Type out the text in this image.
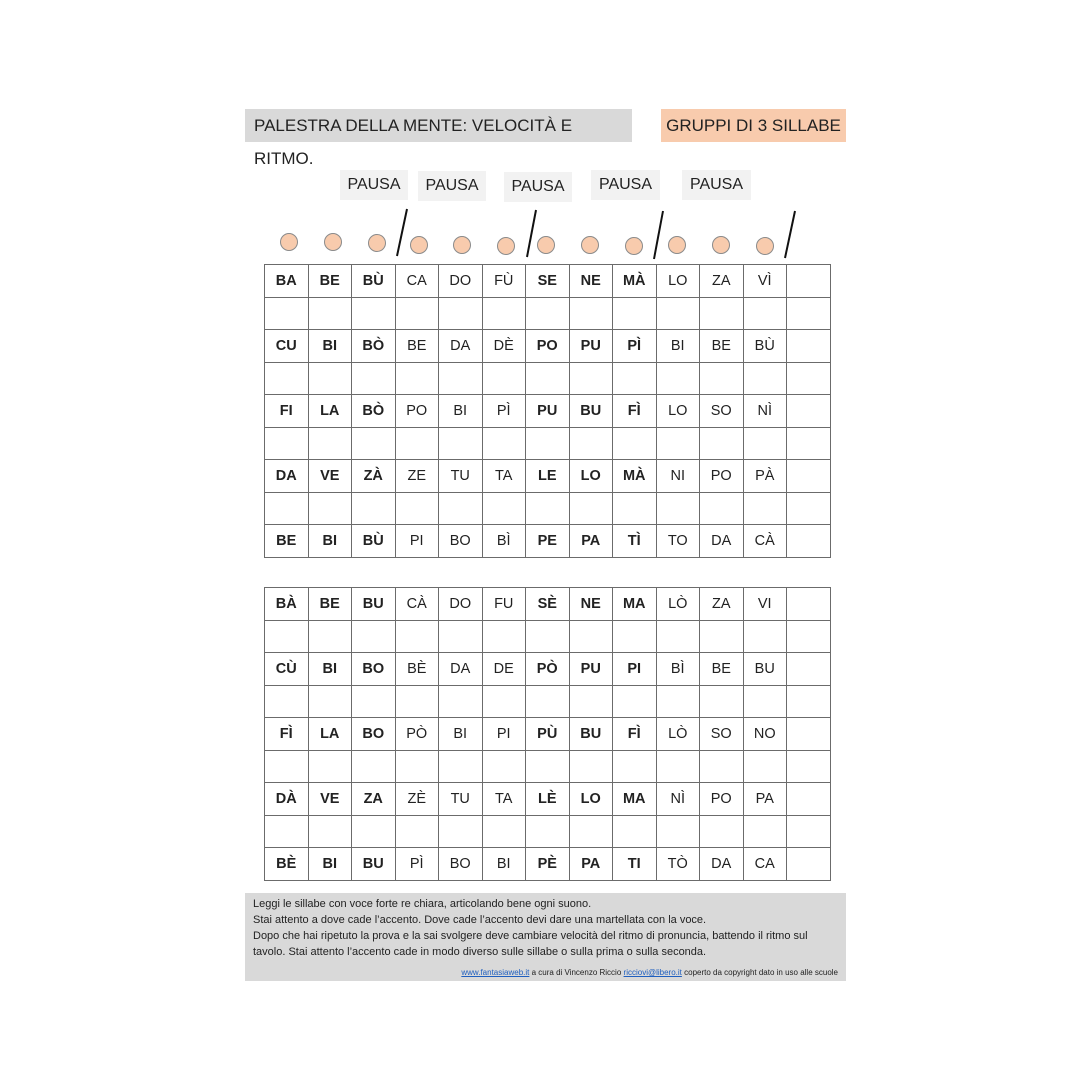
PALESTRA DELLA MENTE: VELOCITÀ E RITMO.
GRUPPI DI 3 SILLABE
PAUSA	PAUSA	PAUSA	PAUSA	PAUSA
BA	BE	BÙ	CA	DO	FÙ	SE	NE	MÀ	LO	ZA	VÌ	

CU	BI	BÒ	BE	DA	DÈ	PO	PU	PÌ	BI	BE	BÙ	

FI	LA	BÒ	PO	BI	PÌ	PU	BU	FÌ	LO	SO	NÌ	

DA	VE	ZÀ	ZE	TU	TA	LE	LO	MÀ	NI	PO	PÀ	

BE	BI	BÙ	PI	BO	BÌ	PE	PA	TÌ	TO	DA	CÀ	
BÀ	BE	BU	CÀ	DO	FU	SÈ	NE	MA	LÒ	ZA	VI	

CÙ	BI	BO	BÈ	DA	DE	PÒ	PU	PI	BÌ	BE	BU	

FÌ	LA	BO	PÒ	BI	PI	PÙ	BU	FÌ	LÒ	SO	NO	

DÀ	VE	ZA	ZÈ	TU	TA	LÈ	LO	MA	NÌ	PO	PA	

BÈ	BI	BU	PÌ	BO	BI	PÈ	PA	TI	TÒ	DA	CA	

Leggi le sillabe con voce forte re chiara, articolando bene ogni suono.

Stai attento a dove cade l’accento. Dove cade l’accento devi dare una martellata con la voce.

Dopo che hai ripetuto la prova e la sai svolgere deve cambiare velocità del ritmo di pronuncia, battendo il ritmo sul tavolo. Stai attento l’accento cade in modo diverso sulle sillabe o sulla prima o sulla seconda.

www.fantasiaweb.it a cura di Vincenzo Riccio ricciovi@libero.it coperto da copyright dato in uso alle scuole
